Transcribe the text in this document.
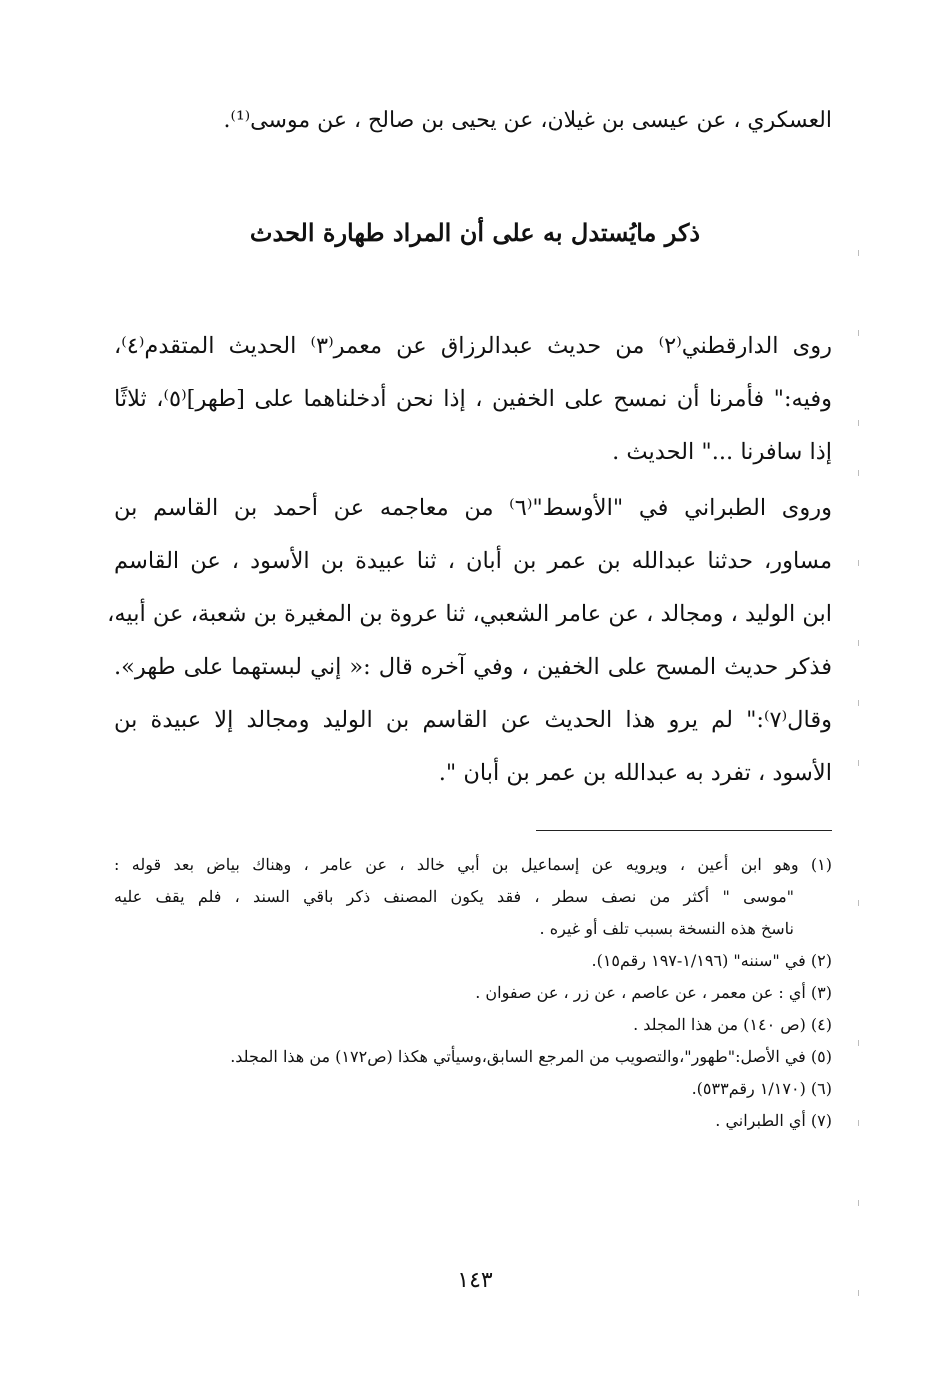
العسكري ، عن عيسى بن غيلان، عن يحيى بن صالح ، عن موسى⁽¹⁾.
ذكر مايُستدل به على أن المراد طهارة الحدث
روى الدارقطني⁽٢⁾ من حديث عبدالرزاق عن معمر⁽٣⁾ الحديث المتقدم⁽٤⁾،
وفيه:" فأمرنا أن نمسح على الخفين ، إذا نحن أدخلناهما على [طهر]⁽٥⁾، ثلاثًا
إذا سافرنا ..." الحديث .
وروى الطبراني في "الأوسط"⁽٦⁾ من معاجمه عن أحمد بن القاسم بن
مساور، حدثنا عبدالله بن عمر بن أبان ، ثنا عبيدة بن الأسود ، عن القاسم
ابن الوليد ، ومجالد ، عن عامر الشعبي، ثنا عروة بن المغيرة بن شعبة، عن أبيه،
فذكر حديث المسح على الخفين ، وفي آخره قال :« إني لبستهما على طهر».
وقال⁽٧⁾:" لم يرو هذا الحديث عن القاسم بن الوليد ومجالد إلا عبيدة بن
الأسود ، تفرد به عبدالله بن عمر بن أبان ".
(١) وهو ابن أعين ، ويرويه عن إسماعيل بن أبي خالد ، عن عامر ، وهناك بياض بعد قوله :
"موسى " أكثر من نصف سطر ، فقد يكون المصنف ذكر باقي السند ، فلم يقف عليه
ناسخ هذه النسخة بسبب تلف أو غيره .
(٢) في "سننه" (١/١٩٦-١٩٧ رقم١٥).
(٣) أي : عن معمر ، عن عاصم ، عن زر ، عن صفوان .
(٤) (ص ١٤٠) من هذا المجلد .
(٥) في الأصل:"طهور"،والتصويب من المرجع السابق،وسيأتي هكذا (ص١٧٢) من هذا المجلد.
(٦) (١/١٧٠ رقم٥٣٣).
(٧) أي الطبراني .
١٤٣
